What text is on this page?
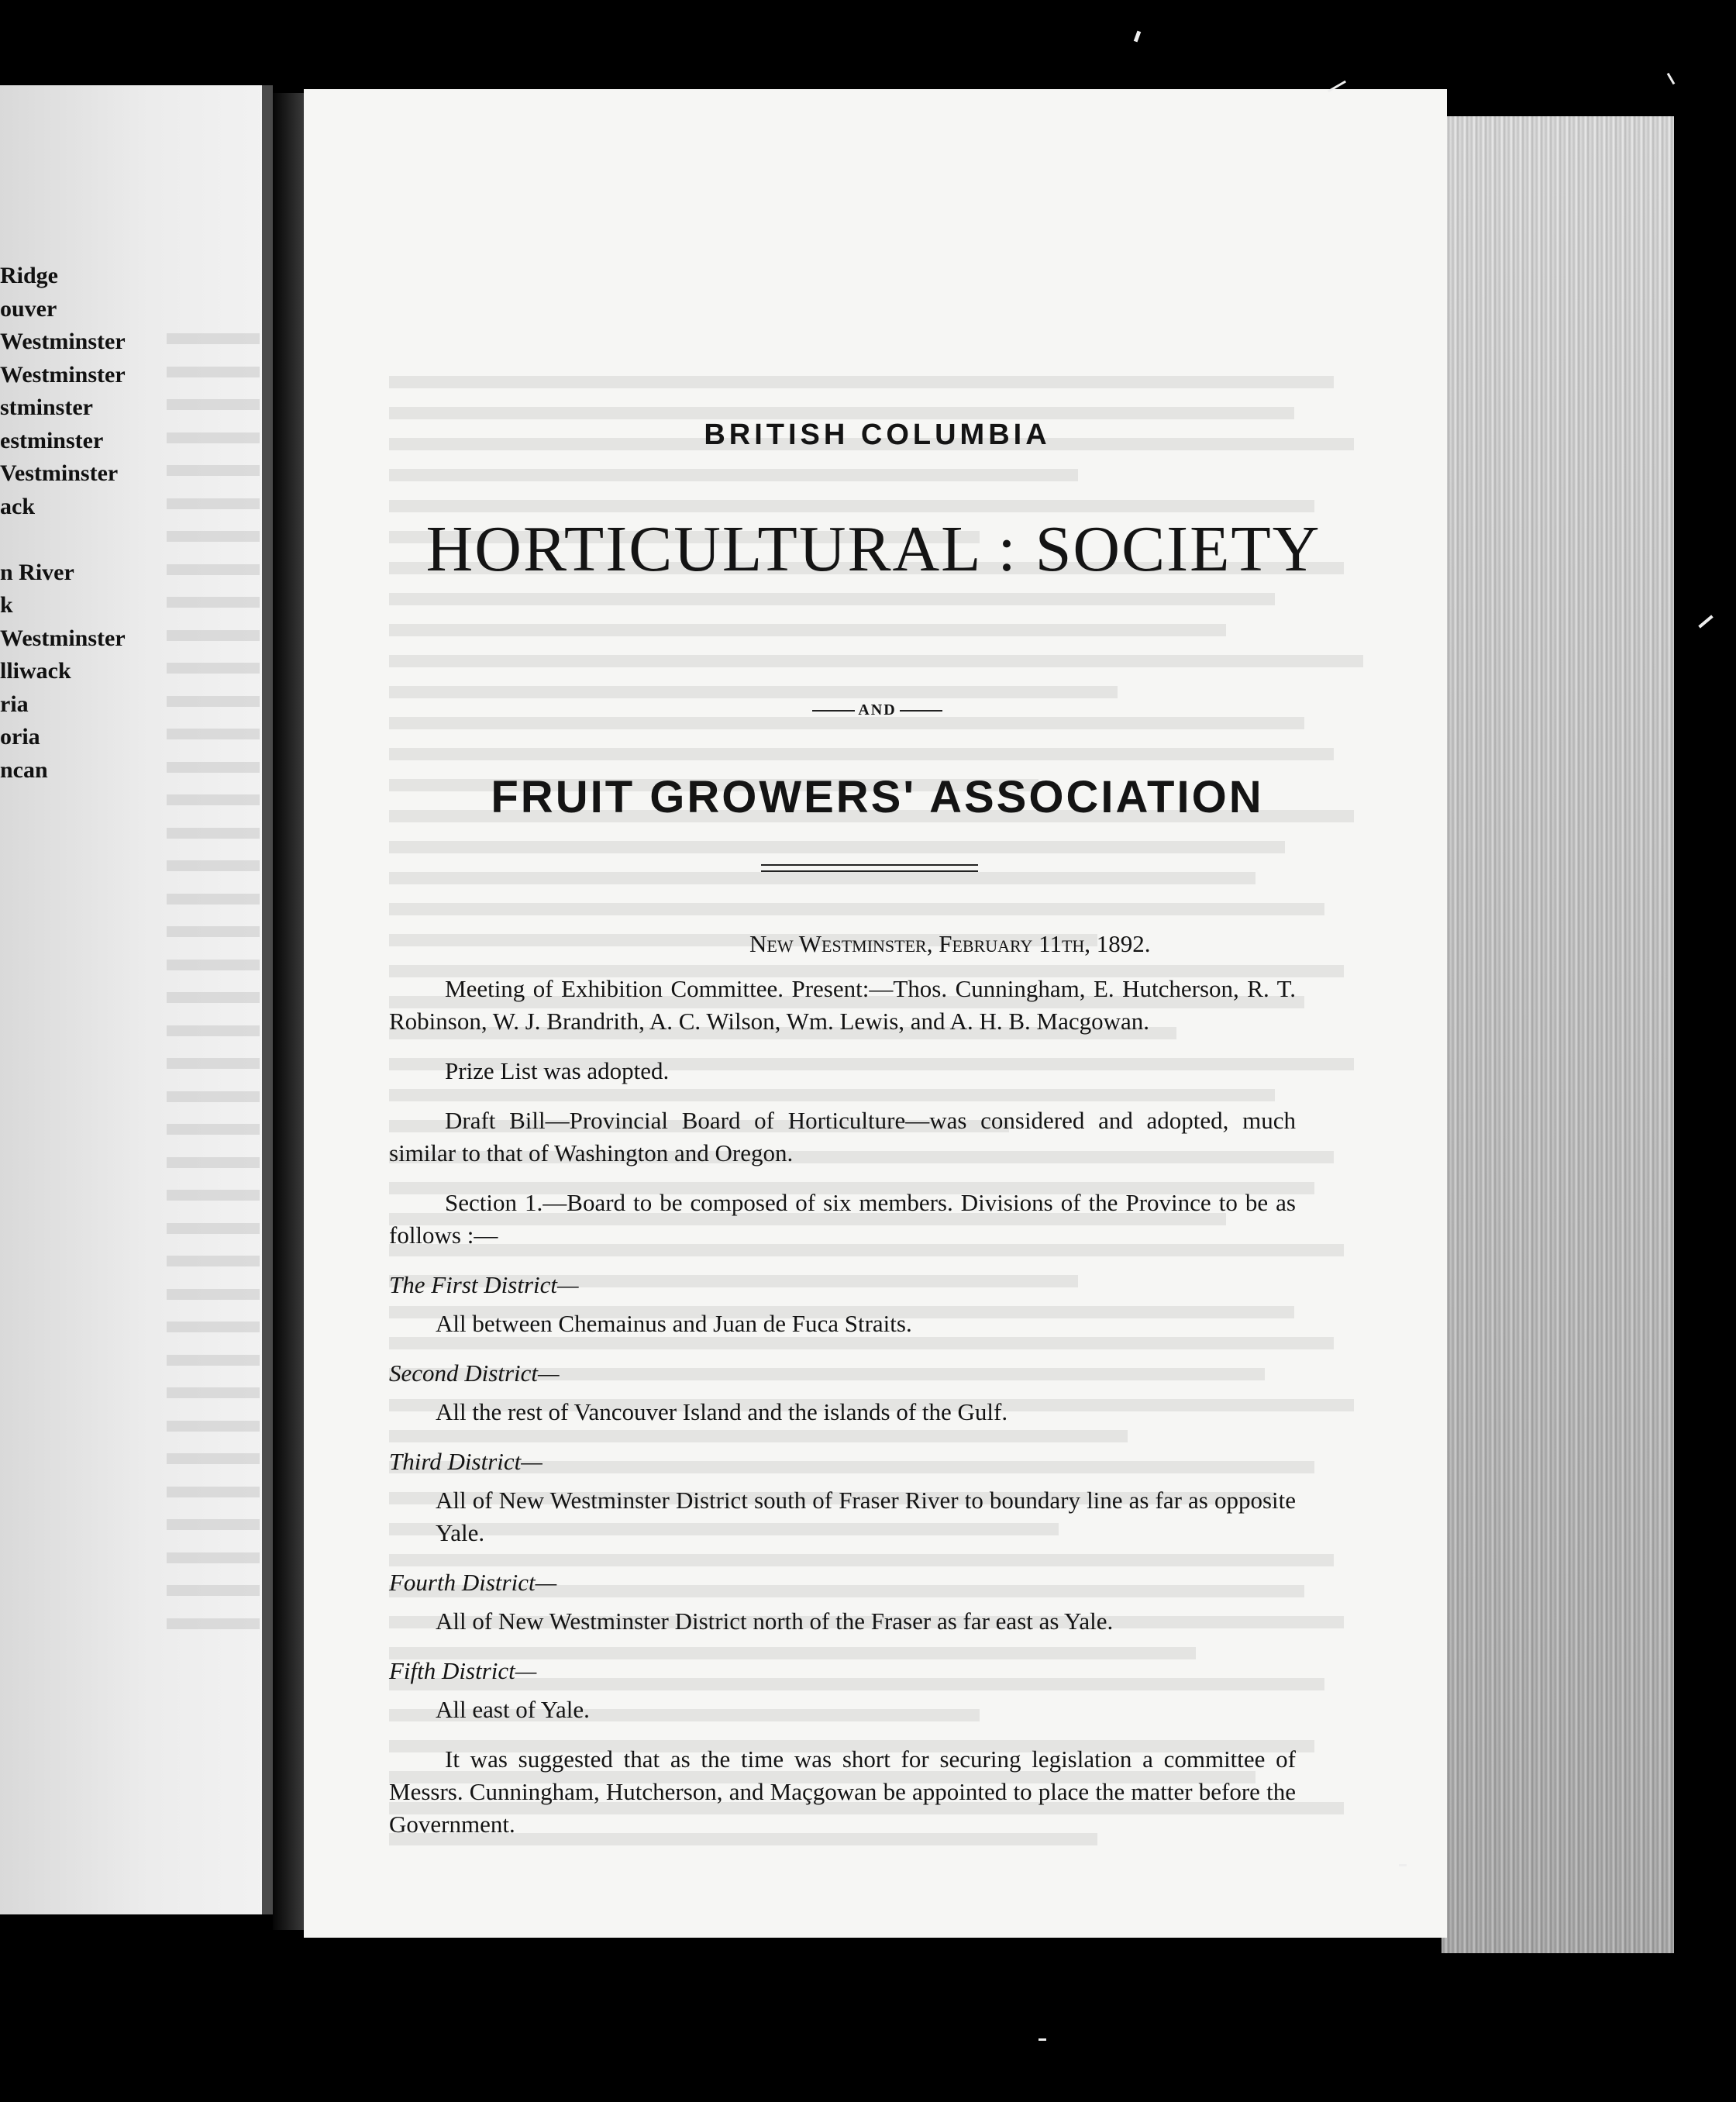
Ridge
ouver
Westminster
Westminster
stminster
estminster
Vestminster
ack
n River
k
Westminster
lliwack
ria
oria
ncan
BRITISH COLUMBIA
HORTICULTURAL : SOCIETY
AND
FRUIT GROWERS' ASSOCIATION
New Westminster, February 11th, 1892.

Meeting of Exhibition Committee. Present:—Thos. Cunningham, E. Hutcherson, R. T. Robinson, W. J. Brandrith, A. C. Wilson, Wm. Lewis, and A. H. B. Macgowan.

Prize List was adopted.

Draft Bill—Provincial Board of Horticulture—was considered and adopted, much similar to that of Washington and Oregon.

Section 1.—Board to be composed of six members. Divisions of the Province to be as follows :—

The First District—

All between Chemainus and Juan de Fuca Straits.

Second District—

All the rest of Vancouver Island and the islands of the Gulf.

Third District—

All of New Westminster District south of Fraser River to boundary line as far as opposite Yale.

Fourth District—

All of New Westminster District north of the Fraser as far east as Yale.

Fifth District—

All east of Yale.

It was suggested that as the time was short for securing legislation a committee of Messrs. Cunningham, Hutcherson, and Maçgowan be appointed to place the matter before the Government.
